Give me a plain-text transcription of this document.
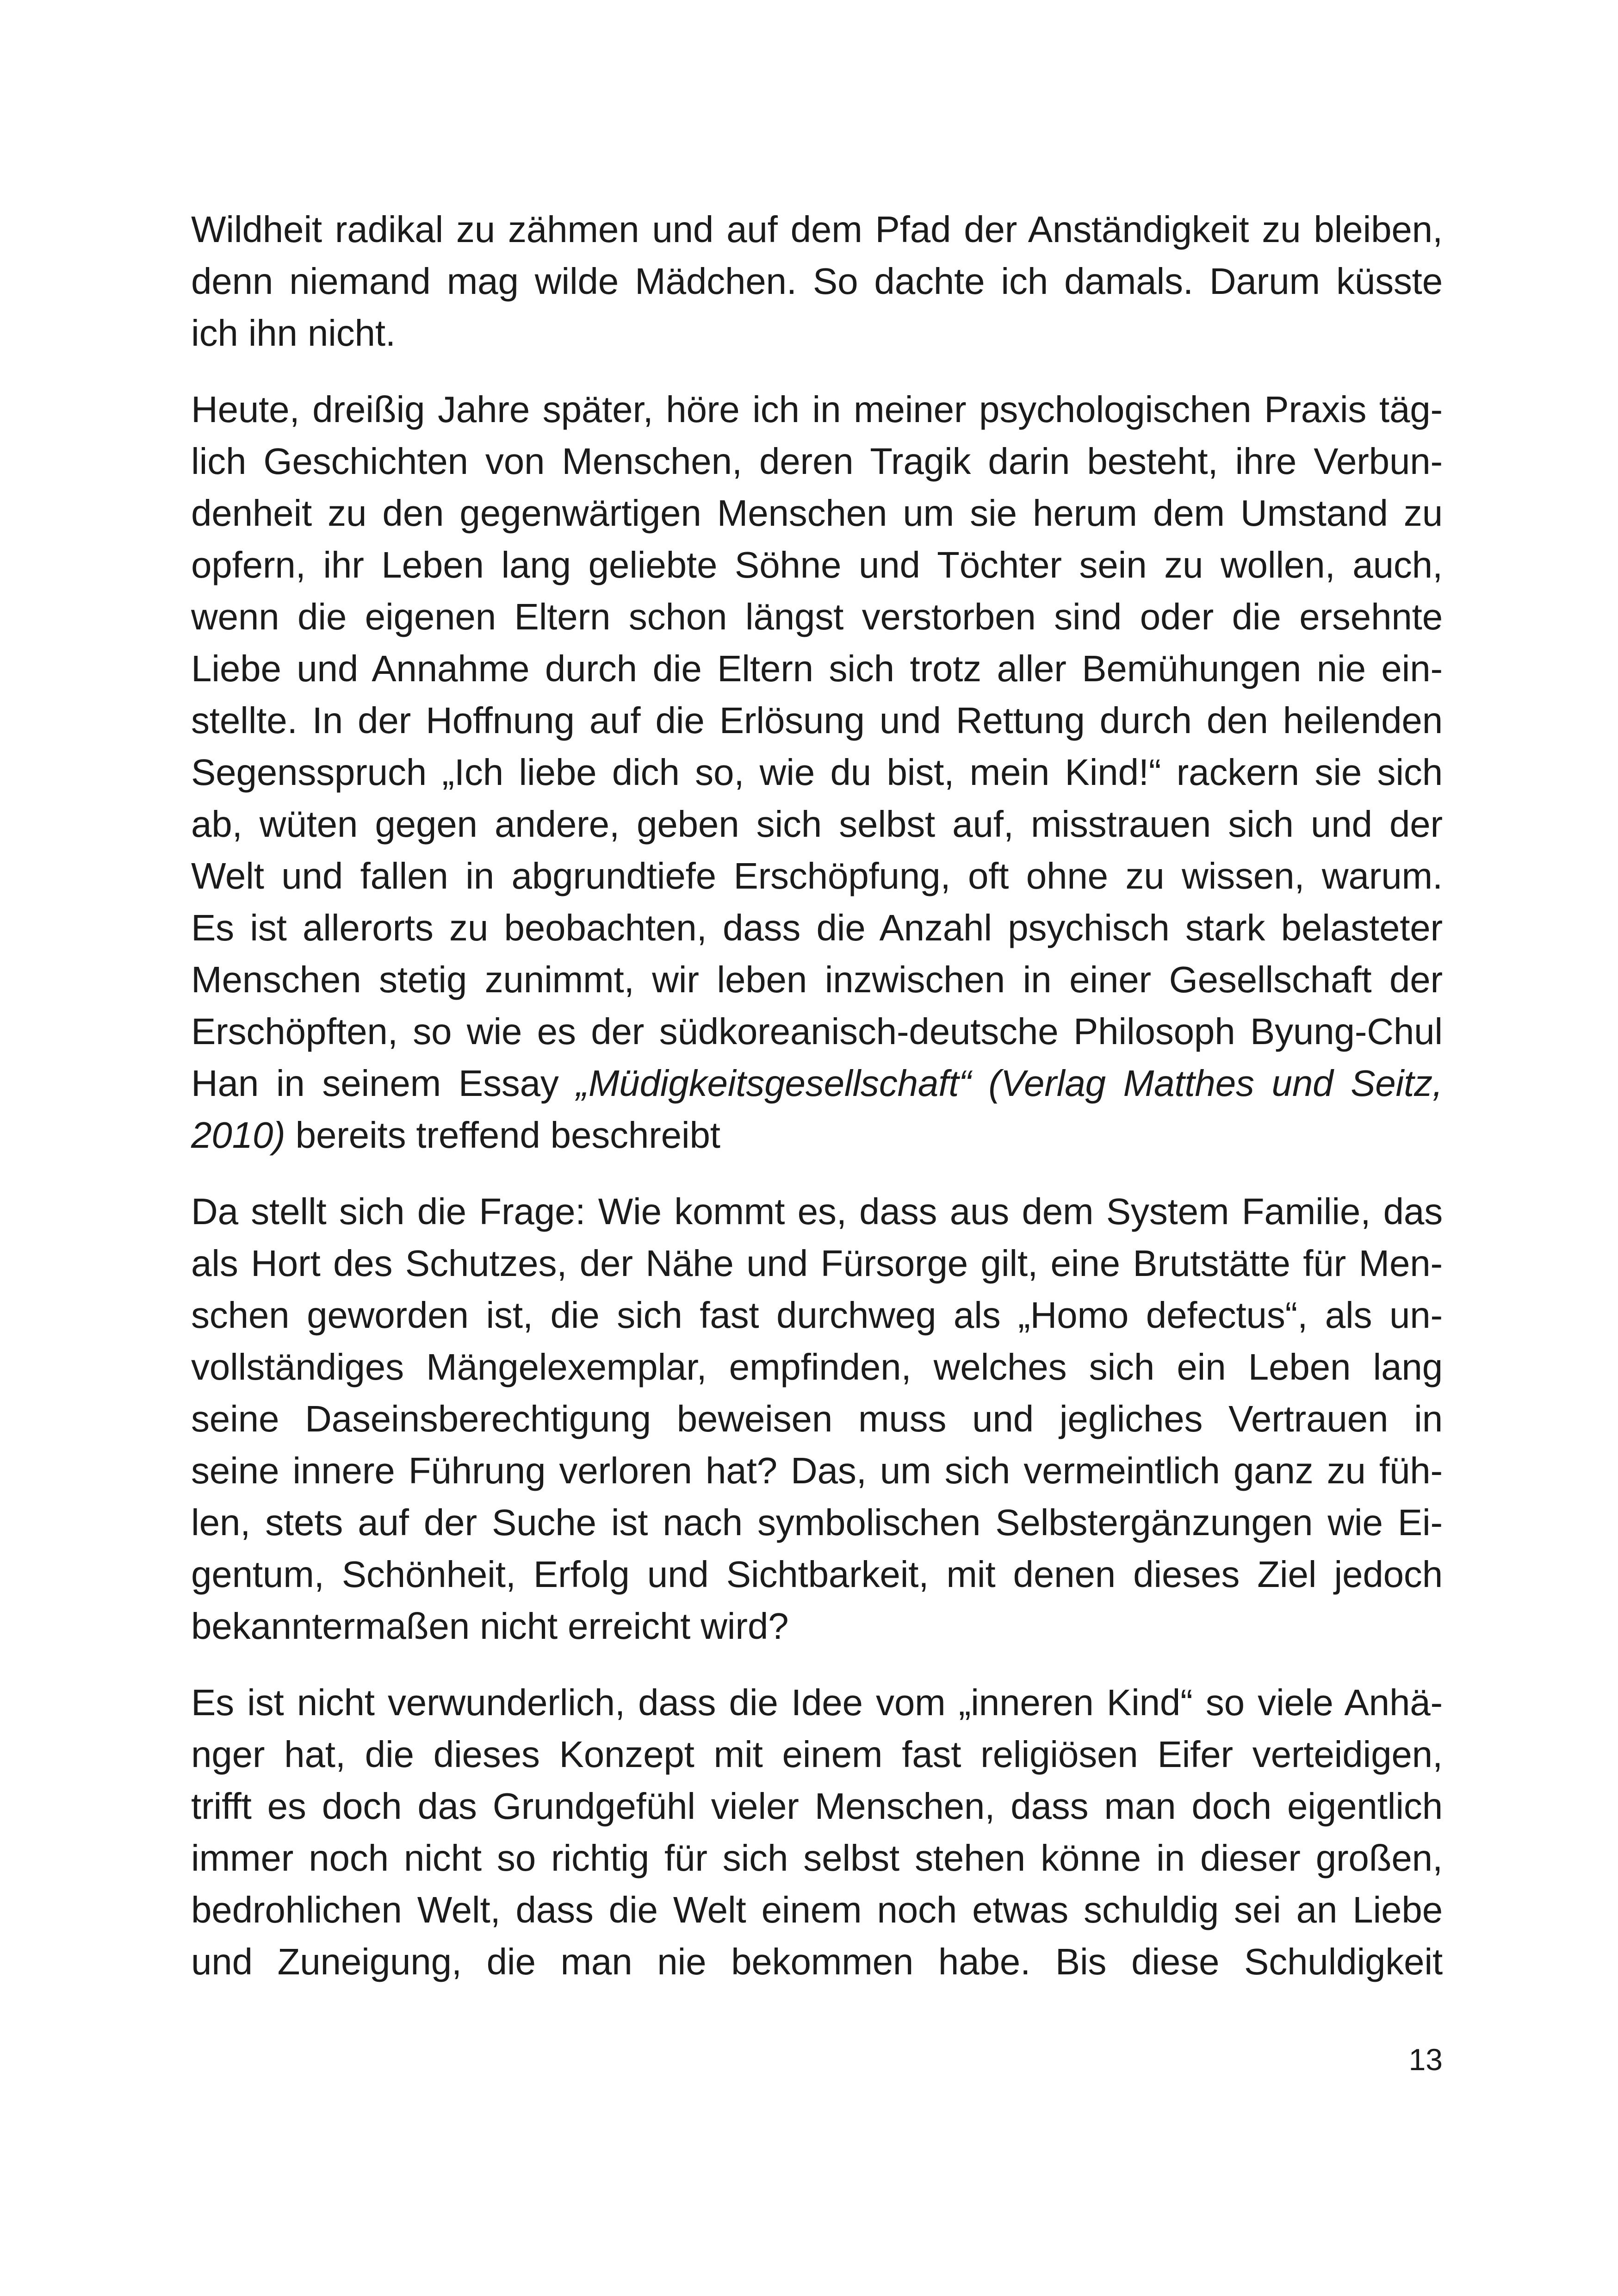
Wildheit radikal zu zähmen und auf dem Pfad der Anständigkeit zu bleiben,
denn niemand mag wilde Mädchen. So dachte ich damals. Darum küsste
ich ihn nicht.
Heute, dreißig Jahre später, höre ich in meiner psychologischen Praxis täg-
lich Geschichten von Menschen, deren Tragik darin besteht, ihre Verbun-
denheit zu den gegenwärtigen Menschen um sie herum dem Umstand zu
opfern, ihr Leben lang geliebte Söhne und Töchter sein zu wollen, auch,
wenn die eigenen Eltern schon längst verstorben sind oder die ersehnte
Liebe und Annahme durch die Eltern sich trotz aller Bemühungen nie ein-
stellte. In der Hoffnung auf die Erlösung und Rettung durch den heilenden
Segensspruch „Ich liebe dich so, wie du bist, mein Kind!“ rackern sie sich
ab, wüten gegen andere, geben sich selbst auf, misstrauen sich und der
Welt und fallen in abgrundtiefe Erschöpfung, oft ohne zu wissen, warum.
Es ist allerorts zu beobachten, dass die Anzahl psychisch stark belasteter
Menschen stetig zunimmt, wir leben inzwischen in einer Gesellschaft der
Erschöpften, so wie es der südkoreanisch-deutsche Philosoph Byung-Chul
Han in seinem Essay „Müdigkeitsgesellschaft“ (Verlag Matthes und Seitz,
2010) bereits treffend beschreibt
Da stellt sich die Frage: Wie kommt es, dass aus dem System Familie, das
als Hort des Schutzes, der Nähe und Fürsorge gilt, eine Brutstätte für Men-
schen geworden ist, die sich fast durchweg als „Homo defectus“, als un-
vollständiges Mängelexemplar, empfinden, welches sich ein Leben lang
seine Daseinsberechtigung beweisen muss und jegliches Vertrauen in
seine innere Führung verloren hat? Das, um sich vermeintlich ganz zu füh-
len, stets auf der Suche ist nach symbolischen Selbstergänzungen wie Ei-
gentum, Schönheit, Erfolg und Sichtbarkeit, mit denen dieses Ziel jedoch
bekanntermaßen nicht erreicht wird?
Es ist nicht verwunderlich, dass die Idee vom „inneren Kind“ so viele Anhä-
nger hat, die dieses Konzept mit einem fast religiösen Eifer verteidigen,
trifft es doch das Grundgefühl vieler Menschen, dass man doch eigentlich
immer noch nicht so richtig für sich selbst stehen könne in dieser großen,
bedrohlichen Welt, dass die Welt einem noch etwas schuldig sei an Liebe
und Zuneigung, die man nie bekommen habe. Bis diese Schuldigkeit
13
